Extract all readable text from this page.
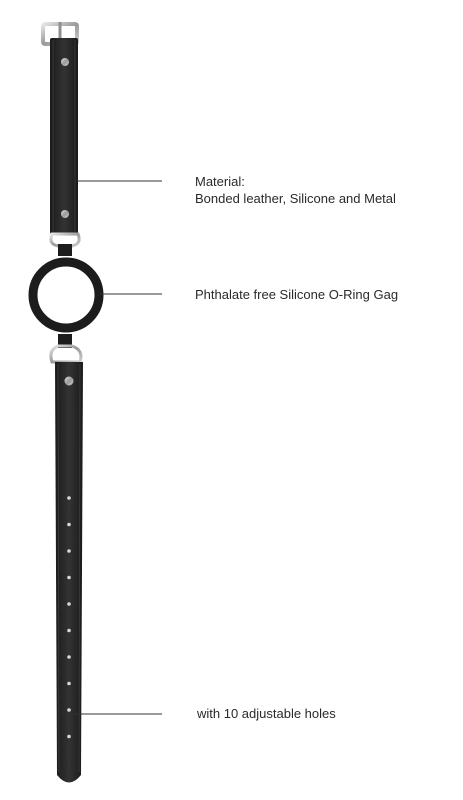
Material:
Bonded leather, Silicone and Metal
Phthalate free Silicone O-Ring Gag
with 10 adjustable holes
